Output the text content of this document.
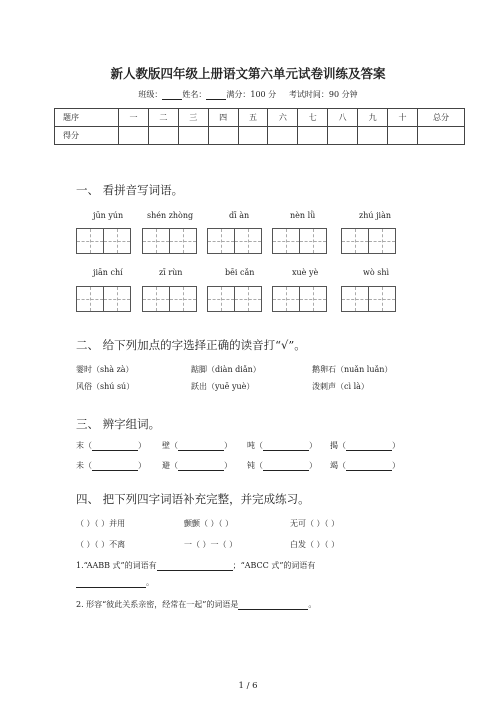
新人教版四年级上册语文第六单元试卷训练及答案
班级：	姓名：	满分：100 分 考试时间：90 分钟
题序	一	二	三	四	五	六	七	八	九	十	总分
得分											
一、 看拼音写词语。
jūn yún	shén zhòng	dī àn	nèn lǜ	zhú jiàn
jiān chí	zī rùn	bēi cǎn	xuè yè	wò shì
二、 给下列加点的字选择正确的读音打“√”。
霎时（shà zà）	踮脚（diàn diǎn）	鹅卵石（nuǎn luǎn）
风俗（shú sú）	跃出（yuē yuè）	泼刺声（cì là）
三、 辨字组词。
末（	） 壁（	） 吨（	） 揭（	）
未（	） 避（	） 钝（	） 竭（	）
四、 把下列四字词语补充完整，并完成练习。
（ ）（ ）并用	颤颤（ ）（ ）	无可（ ）（ ）
（ ）（ ）不离	一（ ）一（ ）	白发（ ）（ ）
1.“AABB 式”的词语有	；“ABCC 式”的词语有
。
2. 形容“彼此关系亲密，经常在一起”的词语是	。
1 / 6
